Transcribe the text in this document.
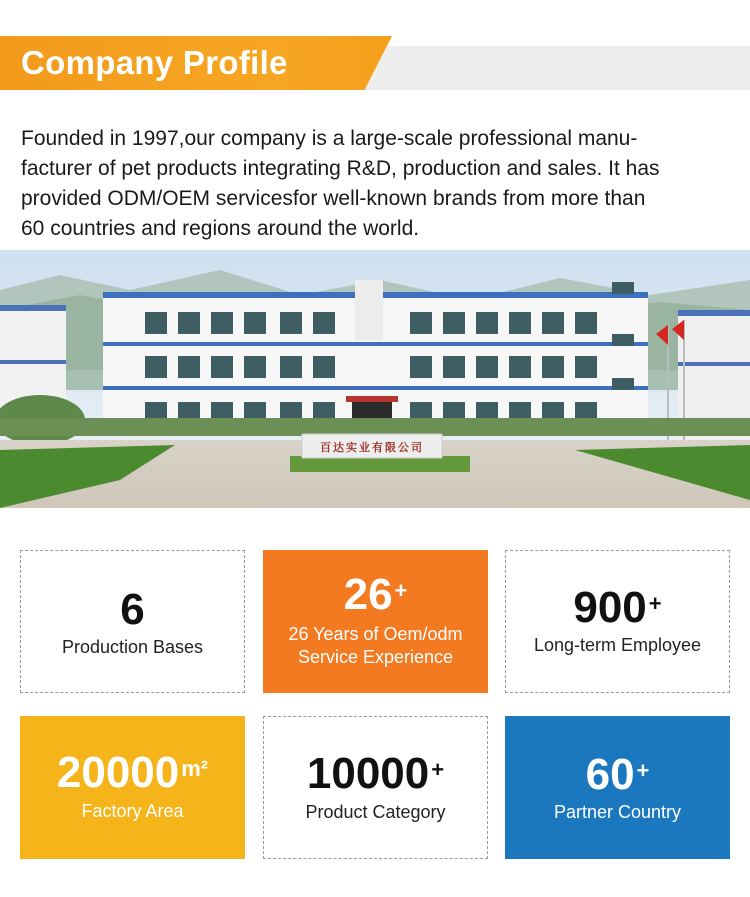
Company Profile

Founded in 1997,our company is a large-scale professional manu-

facturer of pet products integrating R&D, production and sales. It has

provided ODM/OEM servicesfor well-known brands from more than

60 countries and regions around the world.

百达实业有限公司
6
Production Bases
26+
26 Years of Oem/odm
Service Experience
900+
Long-term Employee
$20000^{m^2}$
Factory Area
10000+
Product Category
60+
Partner Country
